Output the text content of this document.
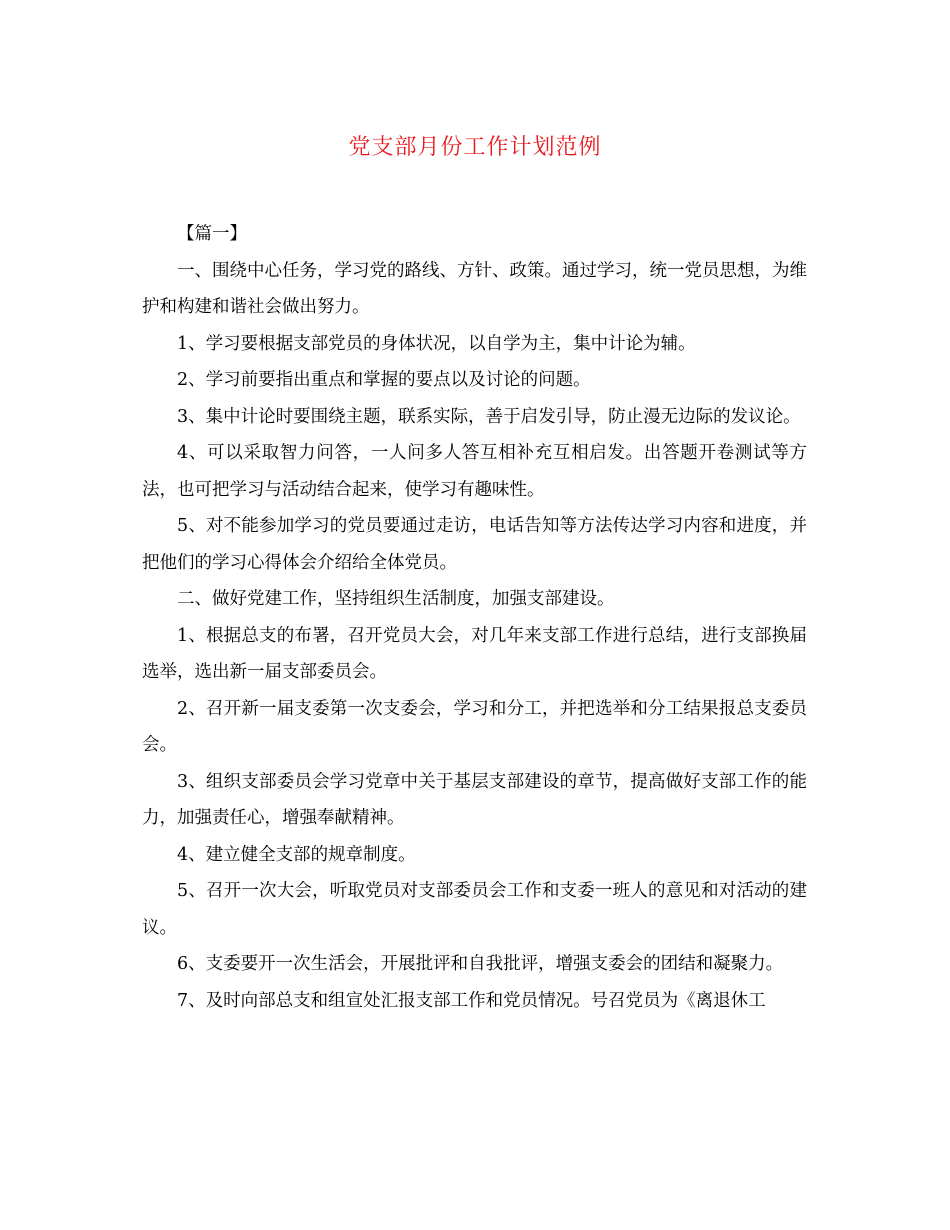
党支部月份工作计划范例

【篇一】

一、围绕中心任务，学习党的路线、方针、政策。通过学习，统一党员思想，为维护和构建和谐社会做出努力。

1、学习要根据支部党员的身体状况，以自学为主，集中计论为辅。

2、学习前要指出重点和掌握的要点以及讨论的问题。

3、集中计论时要围绕主题，联系实际，善于启发引导，防止漫无边际的发议论。

4、可以采取智力问答，一人问多人答互相补充互相启发。出答题开卷测试等方法，也可把学习与活动结合起来，使学习有趣味性。

5、对不能参加学习的党员要通过走访，电话告知等方法传达学习内容和进度，并把他们的学习心得体会介绍给全体党员。

二、做好党建工作，坚持组织生活制度，加强支部建设。

1、根据总支的布署，召开党员大会，对几年来支部工作进行总结，进行支部换届选举，选出新一届支部委员会。

2、召开新一届支委第一次支委会，学习和分工，并把选举和分工结果报总支委员会。

3、组织支部委员会学习党章中关于基层支部建设的章节，提高做好支部工作的能力，加强责任心，增强奉献精神。

4、建立健全支部的规章制度。

5、召开一次大会，听取党员对支部委员会工作和支委一班人的意见和对活动的建议。

6、支委要开一次生活会，开展批评和自我批评，增强支委会的团结和凝聚力。

7、及时向部总支和组宣处汇报支部工作和党员情况。号召党员为《离退休工
